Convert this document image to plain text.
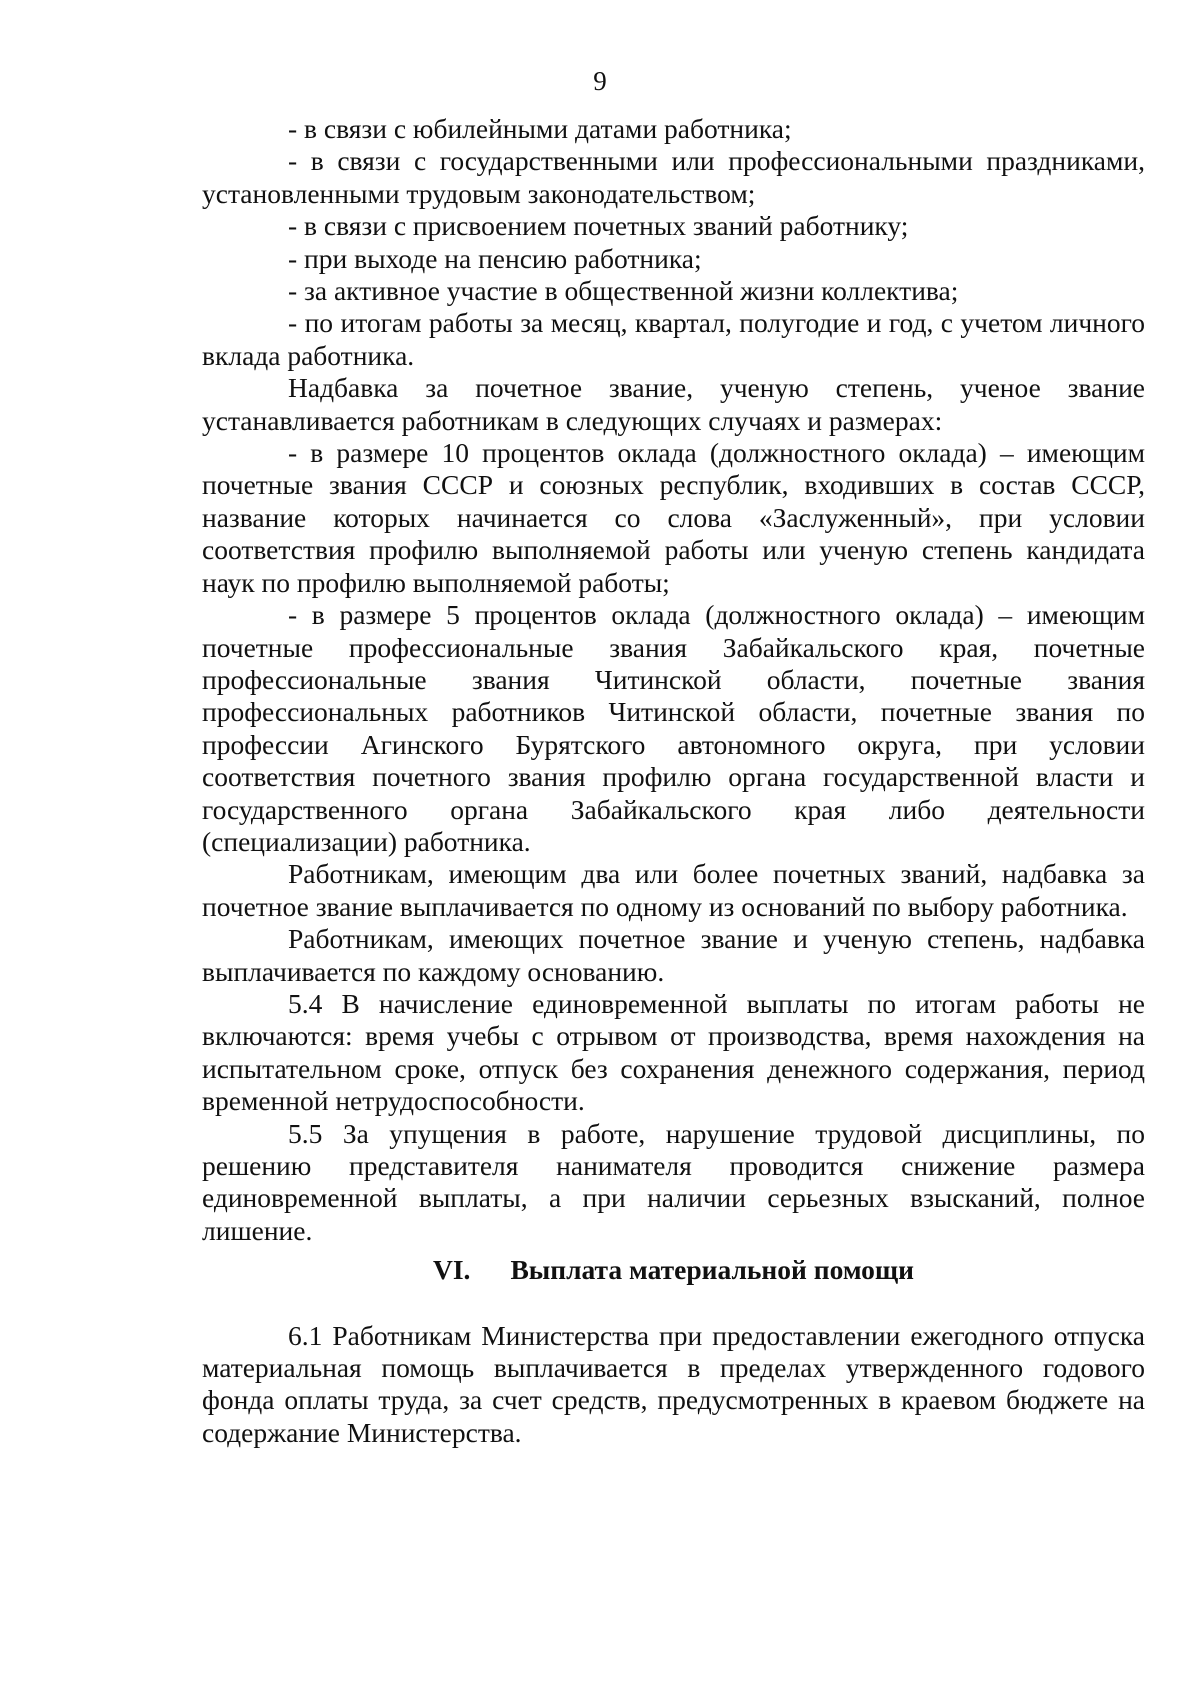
9

- в связи с юбилейными датами работника;

- в связи с государственными или профессиональными праздниками, установленными трудовым законодательством;

- в связи с присвоением почетных званий работнику;

- при выходе на пенсию работника;

- за активное участие в общественной жизни коллектива;

- по итогам работы за месяц, квартал, полугодие и год, с учетом личного вклада работника.

Надбавка за почетное звание, ученую степень, ученое звание устанавливается работникам в следующих случаях и размерах:

- в размере 10 процентов оклада (должностного оклада) – имеющим почетные звания СССР и союзных республик, входивших в состав СССР, название которых начинается со слова «Заслуженный», при условии соответствия профилю выполняемой работы или ученую степень кандидата наук по профилю выполняемой работы;

- в размере 5 процентов оклада (должностного оклада) – имеющим почетные профессиональные звания Забайкальского края, почетные профессиональные звания Читинской области, почетные звания профессиональных работников Читинской области, почетные звания по профессии Агинского Бурятского автономного округа, при условии соответствия почетного звания профилю органа государственной власти и государственного органа Забайкальского края либо деятельности (специализации) работника.

Работникам, имеющим два или более почетных званий, надбавка за почетное звание выплачивается по одному из оснований по выбору работника.

Работникам, имеющих почетное звание и ученую степень, надбавка выплачивается по каждому основанию.

5.4 В начисление единовременной выплаты по итогам работы не включаются: время учебы с отрывом от производства, время нахождения на испытательном сроке, отпуск без сохранения денежного содержания, период временной нетрудоспособности.

5.5 За упущения в работе, нарушение трудовой дисциплины, по решению представителя нанимателя проводится снижение размера единовременной выплаты, а при наличии серьезных взысканий, полное лишение.

VI. Выплата материальной помощи

6.1 Работникам Министерства при предоставлении ежегодного отпуска материальная помощь выплачивается в пределах утвержденного годового фонда оплаты труда, за счет средств, предусмотренных в краевом бюджете на содержание Министерства.
